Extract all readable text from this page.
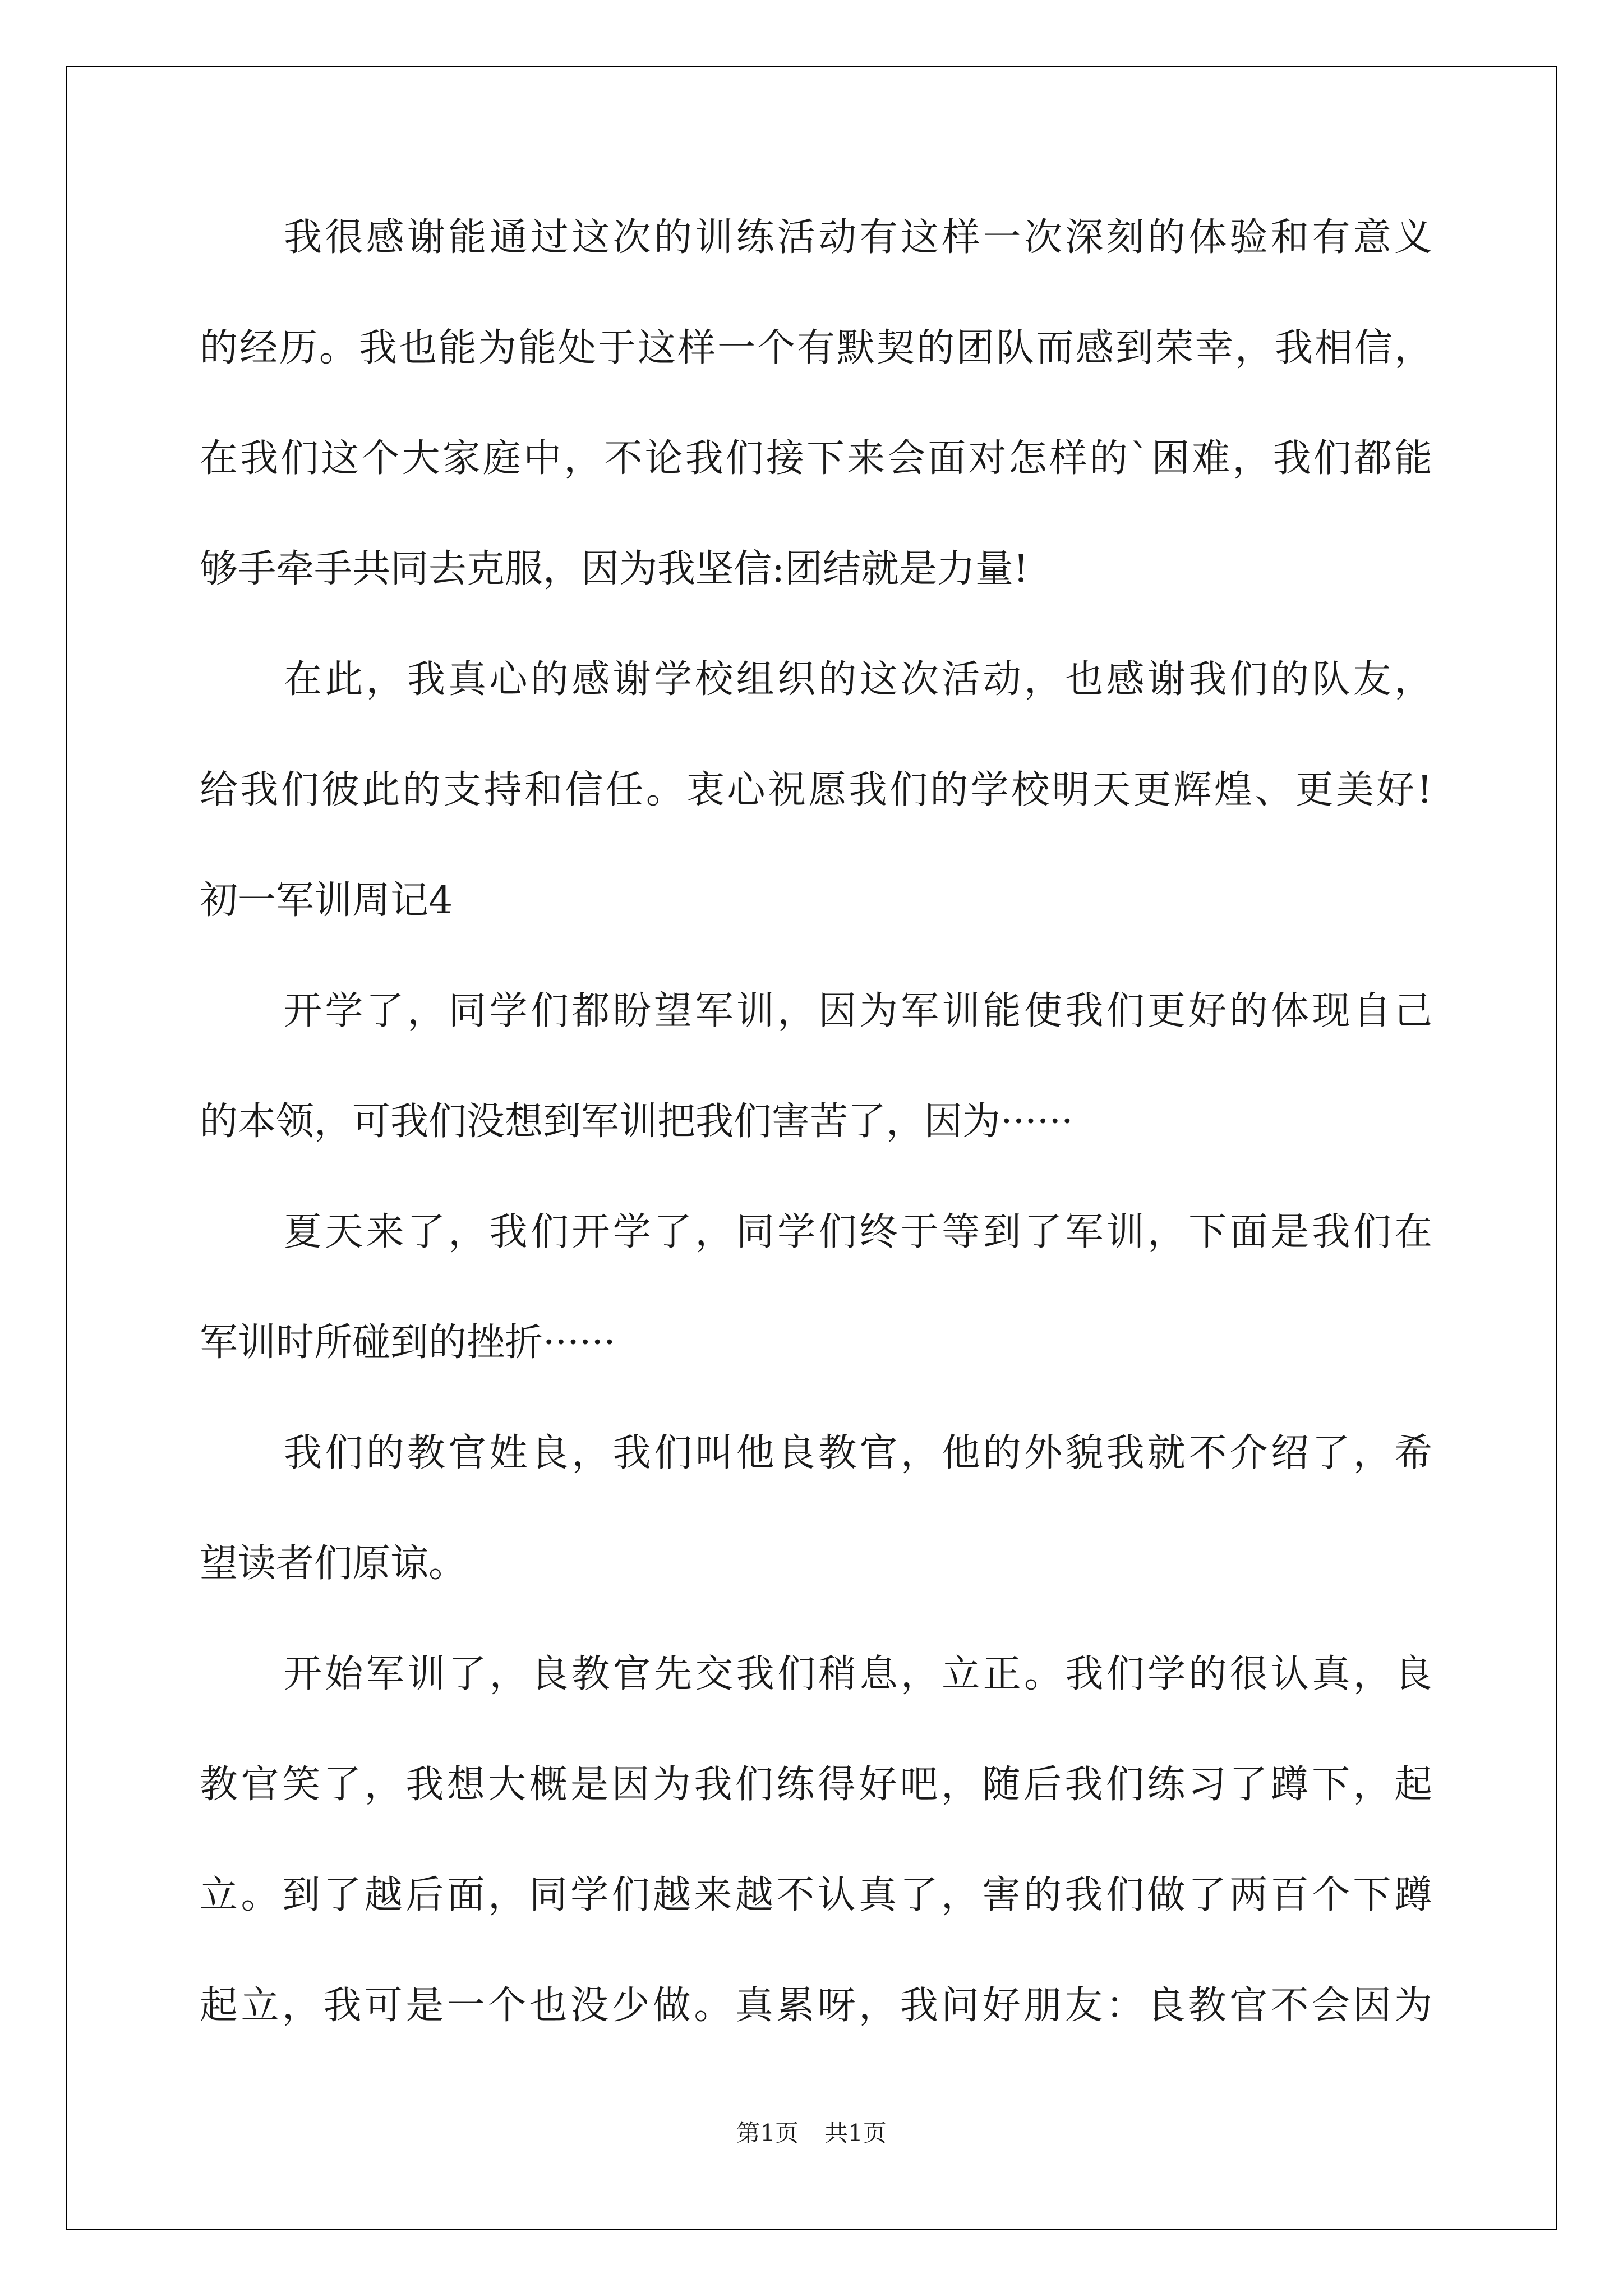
我很感谢能通过这次的训练活动有这样一次深刻的体验和有意义
的经历。我也能为能处于这样一个有默契的团队而感到荣幸，我相信，
在我们这个大家庭中，不论我们接下来会面对怎样的`困难，我们都能
够手牵手共同去克服，因为我坚信:团结就是力量!
在此，我真心的感谢学校组织的这次活动，也感谢我们的队友，
给我们彼此的支持和信任。衷心祝愿我们的学校明天更辉煌、更美好!
初一军训周记4
开学了，同学们都盼望军训，因为军训能使我们更好的体现自己
的本领，可我们没想到军训把我们害苦了，因为······
夏天来了，我们开学了，同学们终于等到了军训，下面是我们在
军训时所碰到的挫折······
我们的教官姓良，我们叫他良教官，他的外貌我就不介绍了，希
望读者们原谅。
开始军训了，良教官先交我们稍息，立正。我们学的很认真，良
教官笑了，我想大概是因为我们练得好吧，随后我们练习了蹲下，起
立。到了越后面，同学们越来越不认真了，害的我们做了两百个下蹲
起立，我可是一个也没少做。真累呀，我问好朋友：良教官不会因为
第1页 共1页
